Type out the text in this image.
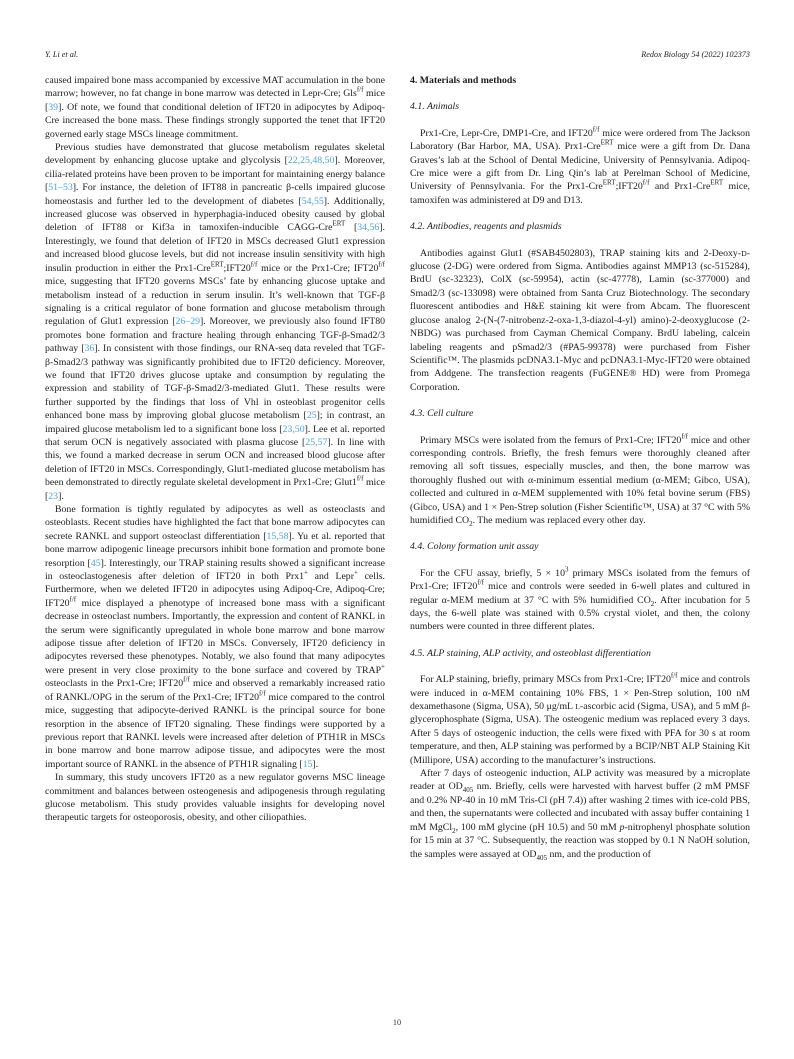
Y. Li et al.	Redox Biology 54 (2022) 102373

caused impaired bone mass accompanied by excessive MAT accumulation in the bone marrow; however, no fat change in bone marrow was detected in Lepr-Cre; Gls$^{f/f}$ mice [39]. Of note, we found that conditional deletion of IFT20 in adipocytes by Adipoq-Cre increased the bone mass. These findings strongly supported the tenet that IFT20 governed early stage MSCs lineage commitment.

Previous studies have demonstrated that glucose metabolism regulates skeletal development by enhancing glucose uptake and glycolysis [22,25,48,50]. Moreover, cilia-related proteins have been proven to be important for maintaining energy balance [51–53]. For instance, the deletion of IFT88 in pancreatic β-cells impaired glucose homeostasis and further led to the development of diabetes [54,55]. Additionally, increased glucose was observed in hyperphagia-induced obesity caused by global deletion of IFT88 or Kif3a in tamoxifen-inducible CAGG-Cre$^{ERT}$ [34,56]. Interestingly, we found that deletion of IFT20 in MSCs decreased Glut1 expression and increased blood glucose levels, but did not increase insulin sensitivity with high insulin production in either the $Prx1-Cre^{ERT};IFT20^{f/f}$ mice or the Prx1-Cre; $IFT20^{f/f}$ mice, suggesting that IFT20 governs MSCs’ fate by enhancing glucose uptake and metabolism instead of a reduction in serum insulin. It’s well-known that TGF-β signaling is a critical regulator of bone formation and glucose metabolism through regulation of Glut1 expression [26–29]. Moreover, we previously also found IFT80 promotes bone formation and fracture healing through enhancing TGF-β-Smad2/3 pathway [36]. In consistent with those findings, our RNA-seq data reveled that TGF-β-Smad2/3 pathway was significantly prohibited due to IFT20 deficiency. Moreover, we found that IFT20 drives glucose uptake and consumption by regulating the expression and stability of TGF-β-Smad2/3-mediated Glut1. These results were further supported by the findings that loss of Vhl in osteoblast progenitor cells enhanced bone mass by improving global glucose metabolism [25]; in contrast, an impaired glucose metabolism led to a significant bone loss [23,50]. Lee et al. reported that serum OCN is negatively associated with plasma glucose [25,57]. In line with this, we found a marked decrease in serum OCN and increased blood glucose after deletion of IFT20 in MSCs. Correspondingly, Glut1-mediated glucose metabolism has been demonstrated to directly regulate skeletal development in Prx1-Cre; $Glut1^{f/f}$ mice [23].

Bone formation is tightly regulated by adipocytes as well as osteoclasts and osteoblasts. Recent studies have highlighted the fact that bone marrow adipocytes can secrete RANKL and support osteoclast differentiation [15,58]. Yu et al. reported that bone marrow adipogenic lineage precursors inhibit bone formation and promote bone resorption [45]. Interestingly, our TRAP staining results showed a significant increase in osteoclastogenesis after deletion of IFT20 in both Prx1+ and Lepr+ cells. Furthermore, when we deleted IFT20 in adipocytes using Adipoq-Cre, Adipoq-Cre; $IFT20^{f/f}$ mice displayed a phenotype of increased bone mass with a significant decrease in osteoclast numbers. Importantly, the expression and content of RANKL in the serum were significantly upregulated in whole bone marrow and bone marrow adipose tissue after deletion of IFT20 in MSCs. Conversely, IFT20 deficiency in adipocytes reversed these phenotypes. Notably, we also found that many adipocytes were present in very close proximity to the bone surface and covered by TRAP+ osteoclasts in the Prx1-Cre; $IFT20^{f/f}$ mice and observed a remarkably increased ratio of RANKL/OPG in the serum of the Prx1-Cre; $IFT20^{f/f}$ mice compared to the control mice, suggesting that adipocyte-derived RANKL is the principal source for bone resorption in the absence of IFT20 signaling. These findings were supported by a previous report that RANKL levels were increased after deletion of PTH1R in MSCs in bone marrow and bone marrow adipose tissue, and adipocytes were the most important source of RANKL in the absence of PTH1R signaling [15].

In summary, this study uncovers IFT20 as a new regulator governs MSC lineage commitment and balances between osteogenesis and adipogenesis through regulating glucose metabolism. This study provides valuable insights for developing novel therapeutic targets for osteoporosis, obesity, and other ciliopathies.

4. Materials and methods
4.1. Animals

Prx1-Cre, Lepr-Cre, DMP1-Cre, and $IFT20^{f/f}$ mice were ordered from The Jackson Laboratory (Bar Harbor, MA, USA). Prx1-Cre$^{ERT}$ mice were a gift from Dr. Dana Graves’s lab at the School of Dental Medicine, University of Pennsylvania. Adipoq-Cre mice were a gift from Dr. Ling Qin’s lab at Perelman School of Medicine, University of Pennsylvania. For the $Prx1-Cre^{ERT};IFT20^{f/f}$ and Prx1-Cre$^{ERT}$ mice, tamoxifen was administered at D9 and D13.

4.2. Antibodies, reagents and plasmids

Antibodies against Glut1 (#SAB4502803), TRAP staining kits and 2-Deoxy-D-glucose (2-DG) were ordered from Sigma. Antibodies against MMP13 (sc-515284), BrdU (sc-32323), ColX (sc-59954), actin (sc-47778), Lamin (sc-377000) and Smad2/3 (sc-133098) were obtained from Santa Cruz Biotechnology. The secondary fluorescent antibodies and H&E staining kit were from Abcam. The fluorescent glucose analog 2-(N-(7-nitrobenz-2-oxa-1,3-diazol-4-yl) amino)-2-deoxyglucose (2-NBDG) was purchased from Cayman Chemical Company. BrdU labeling, calcein labeling reagents and pSmad2/3 (#PA5-99378) were purchased from Fisher Scientific™. The plasmids pcDNA3.1-Myc and pcDNA3.1-Myc-IFT20 were obtained from Addgene. The transfection reagents (FuGENE® HD) were from Promega Corporation.

4.3. Cell culture

Primary MSCs were isolated from the femurs of Prx1-Cre; $IFT20^{f/f}$ mice and other corresponding controls. Briefly, the fresh femurs were thoroughly cleaned after removing all soft tissues, especially muscles, and then, the bone marrow was thoroughly flushed out with α-minimum essential medium (α-MEM; Gibco, USA), collected and cultured in α-MEM supplemented with 10% fetal bovine serum (FBS) (Gibco, USA) and 1 × Pen-Strep solution (Fisher Scientific™, USA) at 37 °C with 5% humidified $CO_2$. The medium was replaced every other day.

4.4. Colony formation unit assay

For the CFU assay, briefly, $5 \times 10^3$ primary MSCs isolated from the femurs of Prx1-Cre; $IFT20^{f/f}$ mice and controls were seeded in 6-well plates and cultured in regular α-MEM medium at 37 °C with 5% humidified $CO_2$. After incubation for 5 days, the 6-well plate was stained with 0.5% crystal violet, and then, the colony numbers were counted in three different plates.

4.5. ALP staining, ALP activity, and osteoblast differentiation

For ALP staining, briefly, primary MSCs from Prx1-Cre; $IFT20^{f/f}$ mice and controls were induced in α-MEM containing 10% FBS, 1 × Pen-Strep solution, 100 nM dexamethasone (Sigma, USA), 50 μg/mL L-ascorbic acid (Sigma, USA), and 5 mM β-glycerophosphate (Sigma, USA). The osteogenic medium was replaced every 3 days. After 5 days of osteogenic induction, the cells were fixed with PFA for 30 s at room temperature, and then, ALP staining was performed by a BCIP/NBT ALP Staining Kit (Millipore, USA) according to the manufacturer’s instructions.

After 7 days of osteogenic induction, ALP activity was measured by a microplate reader at $OD_{405}$ nm. Briefly, cells were harvested with harvest buffer (2 mM PMSF and 0.2% NP-40 in 10 mM Tris-Cl (pH 7.4)) after washing 2 times with ice-cold PBS, and then, the supernatants were collected and incubated with assay buffer containing 1 mM MgCl$_2$, 100 mM glycine (pH 10.5) and 50 mM p-nitrophenyl phosphate solution for 15 min at 37 °C. Subsequently, the reaction was stopped by 0.1 N NaOH solution, the samples were assayed at $OD_{405}$ nm, and the production of

10
